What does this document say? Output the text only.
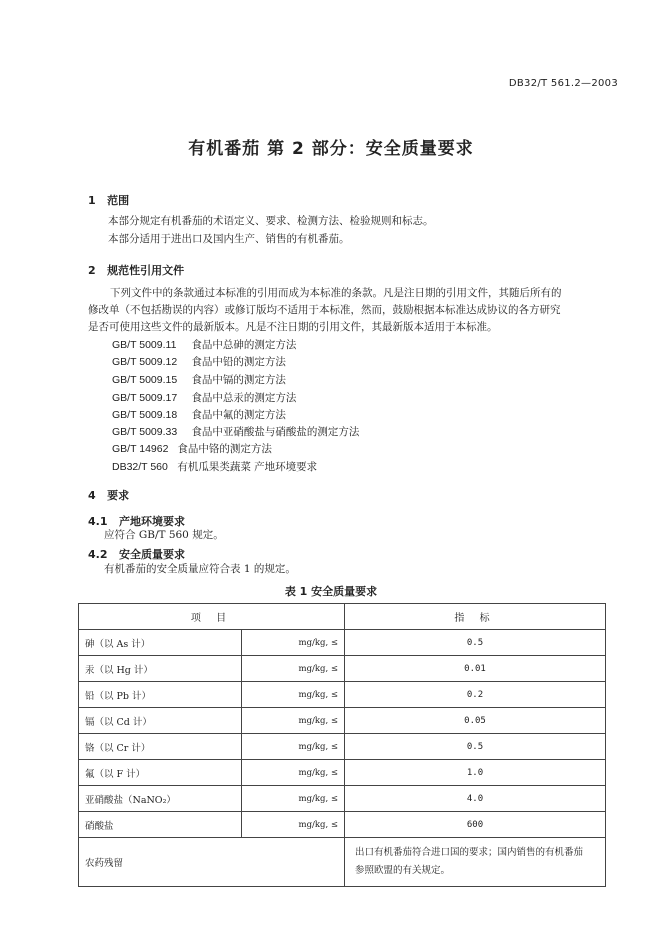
DB32/T 561.2—2003
有机番茄 第 2 部分：安全质量要求
1 范围
本部分规定有机番茄的术语定义、要求、检测方法、检验规则和标志。
本部分适用于进出口及国内生产、销售的有机番茄。
2 规范性引用文件
下列文件中的条款通过本标准的引用而成为本标准的条款。凡是注日期的引用文件，其随后所有的
修改单（不包括勘误的内容）或修订版均不适用于本标准，然而，鼓励根据本标准达成协议的各方研究
是否可使用这些文件的最新版本。凡是不注日期的引用文件，其最新版本适用于本标准。
GB/T 5009.11 食品中总砷的测定方法
GB/T 5009.12 食品中铅的测定方法
GB/T 5009.15 食品中镉的测定方法
GB/T 5009.17 食品中总汞的测定方法
GB/T 5009.18 食品中氟的测定方法
GB/T 5009.33 食品中亚硝酸盐与硝酸盐的测定方法
GB/T 14962 食品中铬的测定方法
DB32/T 560 有机瓜果类蔬菜 产地环境要求
4 要求
4.1 产地环境要求
应符合 GB/T 560 规定。
4.2 安全质量要求
有机番茄的安全质量应符合表 1 的规定。
表 1 安全质量要求
项 目		指 标
砷（以 As 计）	mg/kg, ≤	0.5
汞（以 Hg 计）	mg/kg, ≤	0.01
铅（以 Pb 计）	mg/kg, ≤	0.2
镉（以 Cd 计）	mg/kg, ≤	0.05
铬（以 Cr 计）	mg/kg, ≤	0.5
氟（以 F 计）	mg/kg, ≤	1.0
亚硝酸盐（NaNO₂）	mg/kg, ≤	4.0
硝酸盐	mg/kg, ≤	600
农药残留		出口有机番茄符合进口国的要求；国内销售的有机番茄
参照欧盟的有关规定。
